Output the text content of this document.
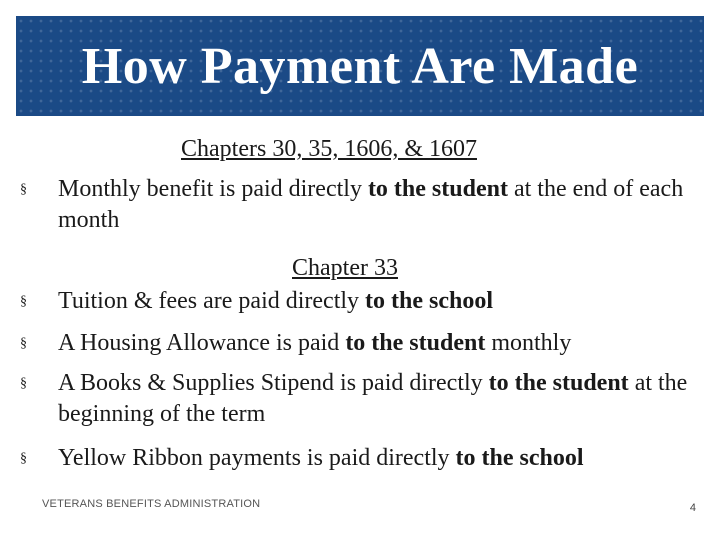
How Payment Are Made
Chapters 30, 35, 1606, & 1607
§ Monthly benefit is paid directly to the student at the end of each month
Chapter 33
§ Tuition & fees are paid directly to the school
§ A Housing Allowance is paid to the student monthly
§ A Books & Supplies Stipend is paid directly to the student at the beginning of the term
§ Yellow Ribbon payments is paid directly to the school
VETERANS BENEFITS ADMINISTRATION	4
